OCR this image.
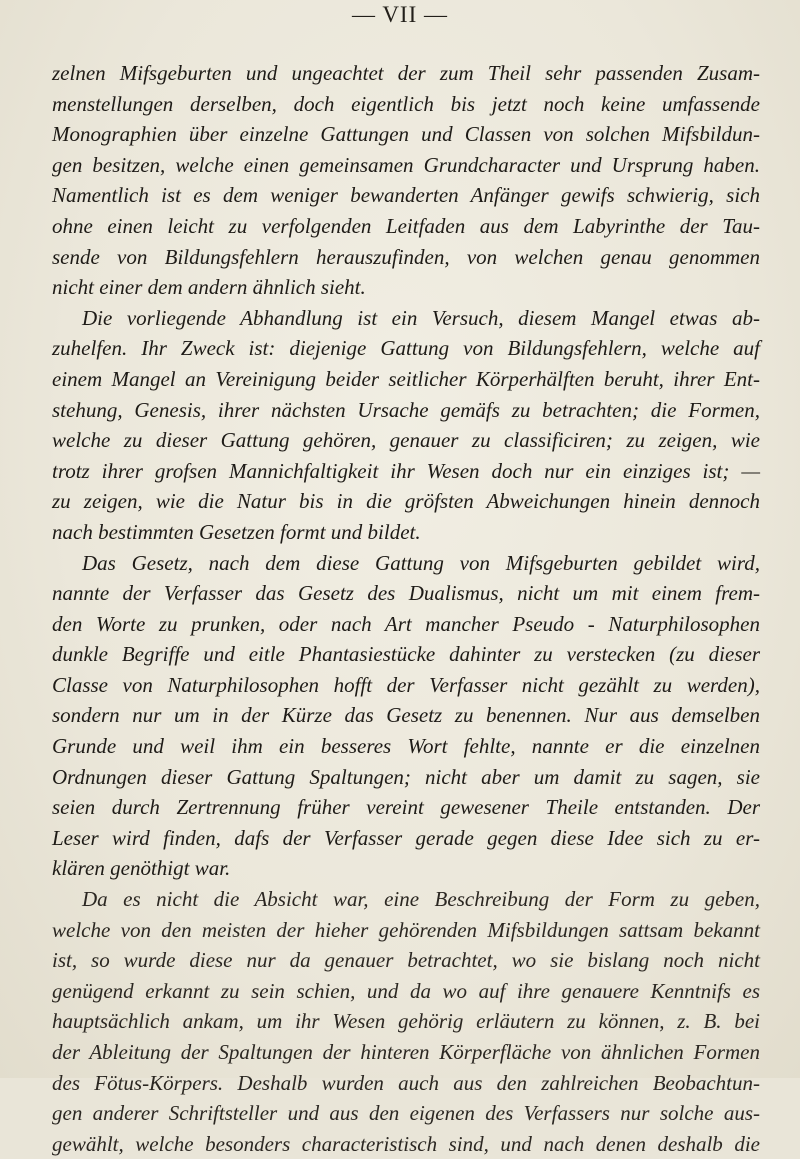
— VII —
zelnen Mifsgeburten und ungeachtet der zum Theil sehr passenden Zusam-
menstellungen derselben, doch eigentlich bis jetzt noch keine umfassende
Monographien über einzelne Gattungen und Classen von solchen Mifsbildun-
gen besitzen, welche einen gemeinsamen Grundcharacter und Ursprung haben.
Namentlich ist es dem weniger bewanderten Anfänger gewifs schwierig, sich
ohne einen leicht zu verfolgenden Leitfaden aus dem Labyrinthe der Tau-
sende von Bildungsfehlern herauszufinden, von welchen genau genommen
nicht einer dem andern ähnlich sieht.
Die vorliegende Abhandlung ist ein Versuch, diesem Mangel etwas ab-
zuhelfen. Ihr Zweck ist: diejenige Gattung von Bildungsfehlern, welche auf
einem Mangel an Vereinigung beider seitlicher Körperhälften beruht, ihrer Ent-
stehung, Genesis, ihrer nächsten Ursache gemäfs zu betrachten; die Formen,
welche zu dieser Gattung gehören, genauer zu classificiren; zu zeigen, wie
trotz ihrer grofsen Mannichfaltigkeit ihr Wesen doch nur ein einziges ist; —
zu zeigen, wie die Natur bis in die gröfsten Abweichungen hinein dennoch
nach bestimmten Gesetzen formt und bildet.
Das Gesetz, nach dem diese Gattung von Mifsgeburten gebildet wird,
nannte der Verfasser das Gesetz des Dualismus, nicht um mit einem frem-
den Worte zu prunken, oder nach Art mancher Pseudo - Naturphilosophen
dunkle Begriffe und eitle Phantasiestücke dahinter zu verstecken (zu dieser
Classe von Naturphilosophen hofft der Verfasser nicht gezählt zu werden),
sondern nur um in der Kürze das Gesetz zu benennen. Nur aus demselben
Grunde und weil ihm ein besseres Wort fehlte, nannte er die einzelnen
Ordnungen dieser Gattung Spaltungen; nicht aber um damit zu sagen, sie
seien durch Zertrennung früher vereint gewesener Theile entstanden. Der
Leser wird finden, dafs der Verfasser gerade gegen diese Idee sich zu er-
klären genöthigt war.
Da es nicht die Absicht war, eine Beschreibung der Form zu geben,
welche von den meisten der hieher gehörenden Mifsbildungen sattsam bekannt
ist, so wurde diese nur da genauer betrachtet, wo sie bislang noch nicht
genügend erkannt zu sein schien, und da wo auf ihre genauere Kenntnifs es
hauptsächlich ankam, um ihr Wesen gehörig erläutern zu können, z. B. bei
der Ableitung der Spaltungen der hinteren Körperfläche von ähnlichen Formen
des Fötus-Körpers. Deshalb wurden auch aus den zahlreichen Beobachtun-
gen anderer Schriftsteller und aus den eigenen des Verfassers nur solche aus-
gewählt, welche besonders characteristisch sind, und nach denen deshalb die
